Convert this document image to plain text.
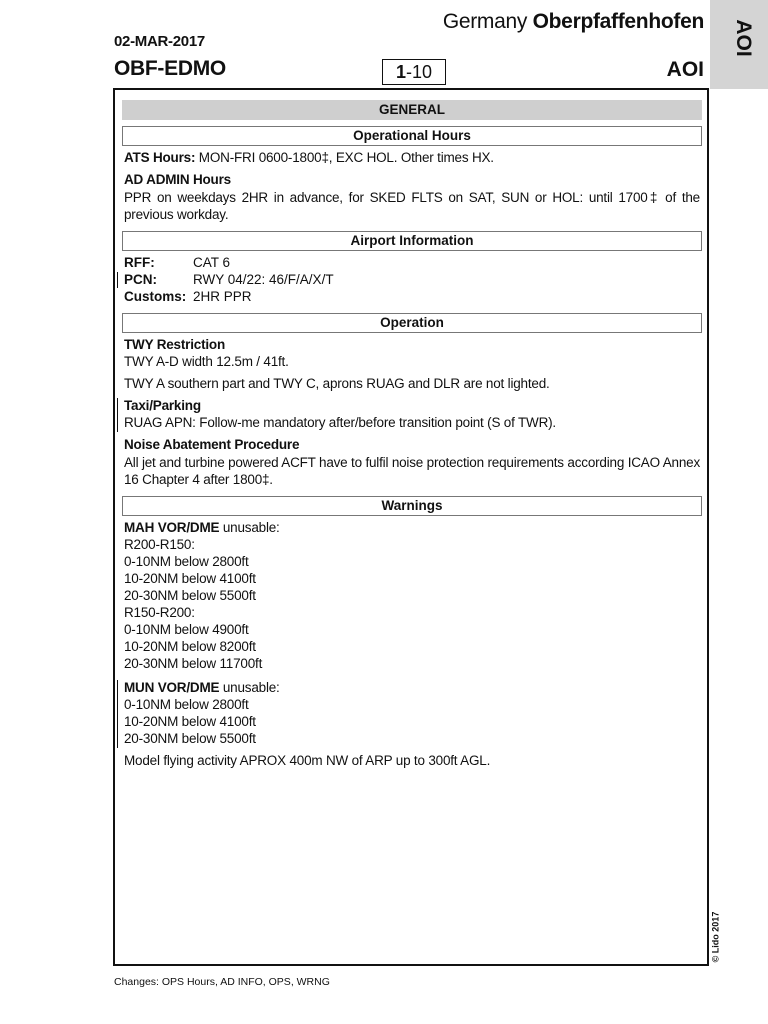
Germany Oberpfaffenhofen
02-MAR-2017
OBF-EDMO	1-10	AOI
AOI
© Lido 2017
GENERAL
Operational Hours
ATS Hours: MON-FRI 0600-1800‡, EXC HOL. Other times HX.
AD ADMIN Hours
PPR on weekdays 2HR in advance, for SKED FLTS on SAT, SUN or HOL: until 1700‡ of the previous workday.
Airport Information
RFF:	CAT 6
PCN:	RWY 04/22: 46/F/A/X/T
Customs: 2HR PPR
Operation
TWY Restriction
TWY A-D width 12.5m / 41ft.
TWY A southern part and TWY C, aprons RUAG and DLR are not lighted.
Taxi/Parking
RUAG APN: Follow-me mandatory after/before transition point (S of TWR).
Noise Abatement Procedure
All jet and turbine powered ACFT have to fulfil noise protection requirements according ICAO Annex 16 Chapter 4 after 1800‡.
Warnings
MAH VOR/DME unusable:
R200-R150:
0-10NM below 2800ft
10-20NM below 4100ft
20-30NM below 5500ft
R150-R200:
0-10NM below 4900ft
10-20NM below 8200ft
20-30NM below 11700ft
MUN VOR/DME unusable:
0-10NM below 2800ft
10-20NM below 4100ft
20-30NM below 5500ft
Model flying activity APROX 400m NW of ARP up to 300ft AGL.
Changes: OPS Hours, AD INFO, OPS, WRNG
